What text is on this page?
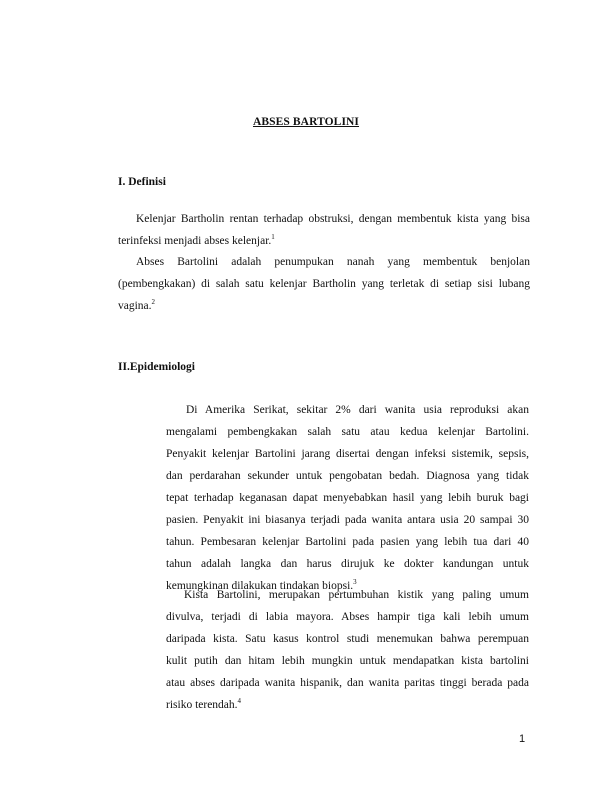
ABSES BARTOLINI
I. Definisi
Kelenjar Bartholin rentan terhadap obstruksi, dengan membentuk kista yang bisa
terinfeksi menjadi abses kelenjar.$^1$
Abses Bartolini adalah penumpukan nanah yang membentuk benjolan
(pembengkakan) di salah satu kelenjar Bartholin yang terletak di setiap sisi lubang
vagina.$^2$
II.Epidemiologi
Di Amerika Serikat, sekitar 2% dari wanita usia reproduksi akan
mengalami pembengkakan salah satu atau kedua kelenjar Bartolini.
Penyakit kelenjar Bartolini jarang disertai dengan infeksi sistemik, sepsis,
dan perdarahan sekunder untuk pengobatan bedah. Diagnosa yang tidak
tepat terhadap keganasan dapat menyebabkan hasil yang lebih buruk bagi
pasien. Penyakit ini biasanya terjadi pada wanita antara usia 20 sampai 30
tahun. Pembesaran kelenjar Bartolini pada pasien yang lebih tua dari 40
tahun adalah langka dan harus dirujuk ke dokter kandungan untuk
kemungkinan dilakukan tindakan biopsi.$^3$
Kista Bartolini, merupakan pertumbuhan kistik yang paling umum
divulva, terjadi di labia mayora. Abses hampir tiga kali lebih umum
daripada kista. Satu kasus kontrol studi menemukan bahwa perempuan
kulit putih dan hitam lebih mungkin untuk mendapatkan kista bartolini
atau abses daripada wanita hispanik, dan wanita paritas tinggi berada pada
risiko terendah.$^4$
1
